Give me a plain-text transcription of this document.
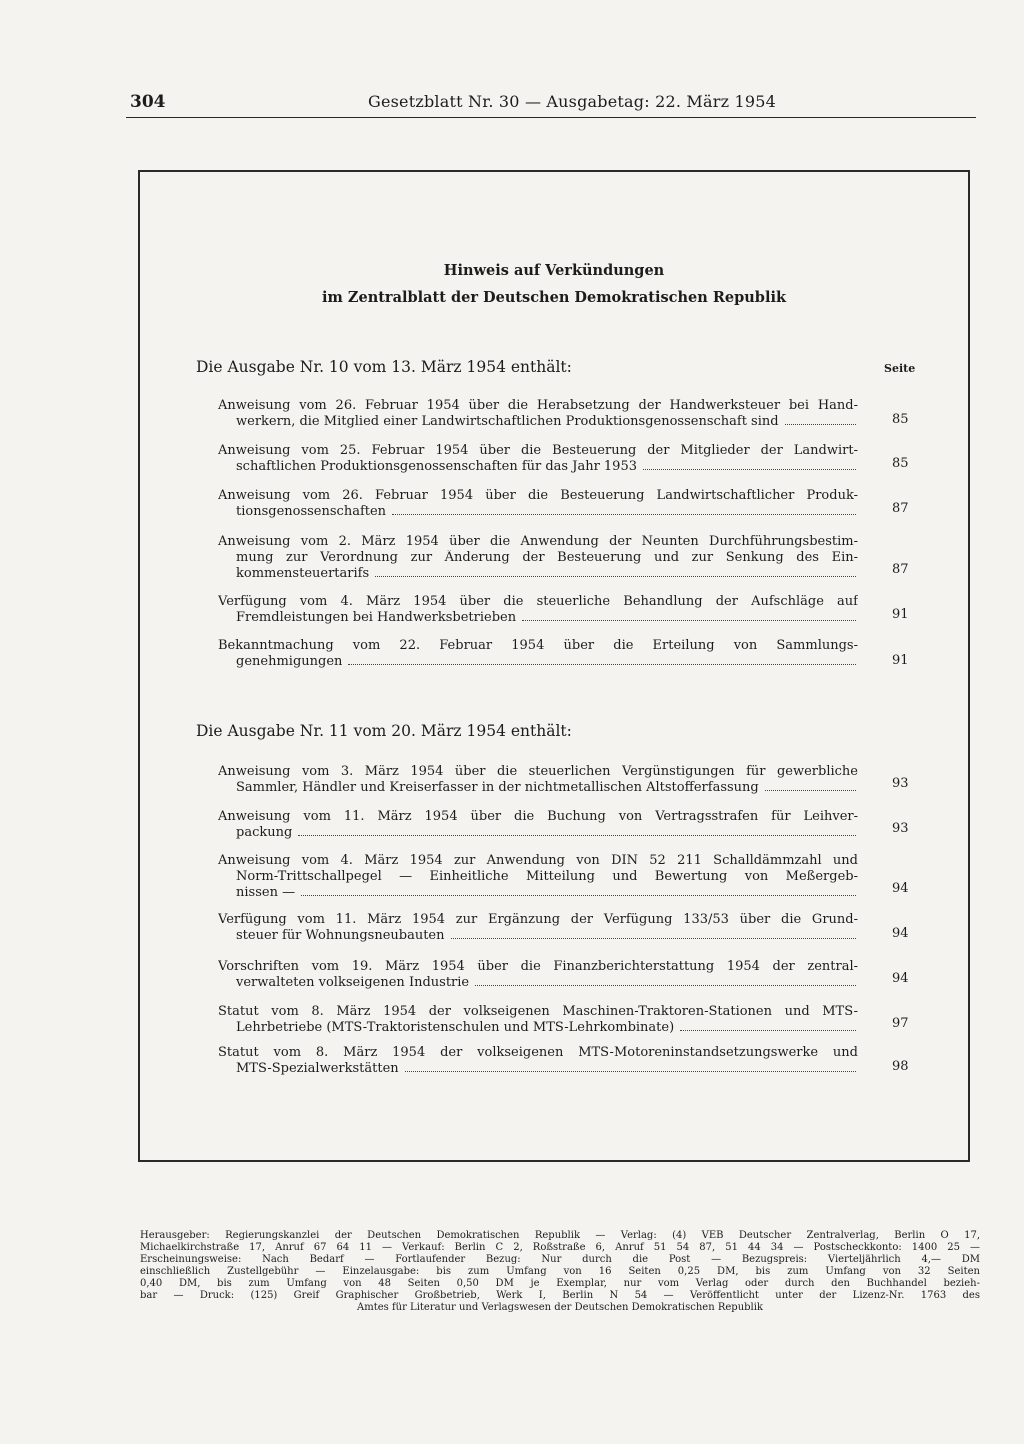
304	Gesetzblatt Nr. 30 — Ausgabetag: 22. März 1954
Hinweis auf Verkündungen
im Zentralblatt der Deutschen Demokratischen Republik
Die Ausgabe Nr. 10 vom 13. März 1954 enthält:	Seite
Anweisung vom 26. Februar 1954 über die Herabsetzung der Handwerksteuer bei Hand-
werkern, die Mitglied einer Landwirtschaftlichen Produktionsgenossenschaft sind	85
Anweisung vom 25. Februar 1954 über die Besteuerung der Mitglieder der Landwirt-
schaftlichen Produktionsgenossenschaften für das Jahr 1953	85
Anweisung vom 26. Februar 1954 über die Besteuerung Landwirtschaftlicher Produk-
tionsgenossenschaften	87
Anweisung vom 2. März 1954 über die Anwendung der Neunten Durchführungsbestim-
mung zur Verordnung zur Änderung der Besteuerung und zur Senkung des Ein-
kommensteuertarifs	87
Verfügung vom 4. März 1954 über die steuerliche Behandlung der Aufschläge auf
Fremdleistungen bei Handwerksbetrieben	91
Bekanntmachung vom 22. Februar 1954 über die Erteilung von Sammlungs-
genehmigungen	91
Die Ausgabe Nr. 11 vom 20. März 1954 enthält:
Anweisung vom 3. März 1954 über die steuerlichen Vergünstigungen für gewerbliche
Sammler, Händler und Kreiserfasser in der nichtmetallischen Altstofferfassung	93
Anweisung vom 11. März 1954 über die Buchung von Vertragsstrafen für Leihver-
packung	93
Anweisung vom 4. März 1954 zur Anwendung von DIN 52 211 Schalldämmzahl und
Norm-Trittschallpegel — Einheitliche Mitteilung und Bewertung von Meßergeb-
nissen —	94
Verfügung vom 11. März 1954 zur Ergänzung der Verfügung 133/53 über die Grund-
steuer für Wohnungsneubauten	94
Vorschriften vom 19. März 1954 über die Finanzberichterstattung 1954 der zentral-
verwalteten volkseigenen Industrie	94
Statut vom 8. März 1954 der volkseigenen Maschinen-Traktoren-Stationen und MTS-
Lehrbetriebe (MTS-Traktoristenschulen und MTS-Lehrkombinate)	97
Statut vom 8. März 1954 der volkseigenen MTS-Motoreninstandsetzungswerke und
MTS-Spezialwerkstätten	98
Herausgeber: Regierungskanzlei der Deutschen Demokratischen Republik — Verlag: (4) VEB Deutscher Zentralverlag, Berlin O 17,
Michaelkirchstraße 17, Anruf 67 64 11 — Verkauf: Berlin C 2, Roßstraße 6, Anruf 51 54 87, 51 44 34 — Postscheckkonto: 1400 25 —
Erscheinungsweise: Nach Bedarf — Fortlaufender Bezug: Nur durch die Post — Bezugspreis: Vierteljährlich 4,— DM
einschließlich Zustellgebühr — Einzelausgabe: bis zum Umfang von 16 Seiten 0,25 DM, bis zum Umfang von 32 Seiten
0,40 DM, bis zum Umfang von 48 Seiten 0,50 DM je Exemplar, nur vom Verlag oder durch den Buchhandel bezieh-
bar — Druck: (125) Greif Graphischer Großbetrieb, Werk I, Berlin N 54 — Veröffentlicht unter der Lizenz-Nr. 1763 des
Amtes für Literatur und Verlagswesen der Deutschen Demokratischen Republik
